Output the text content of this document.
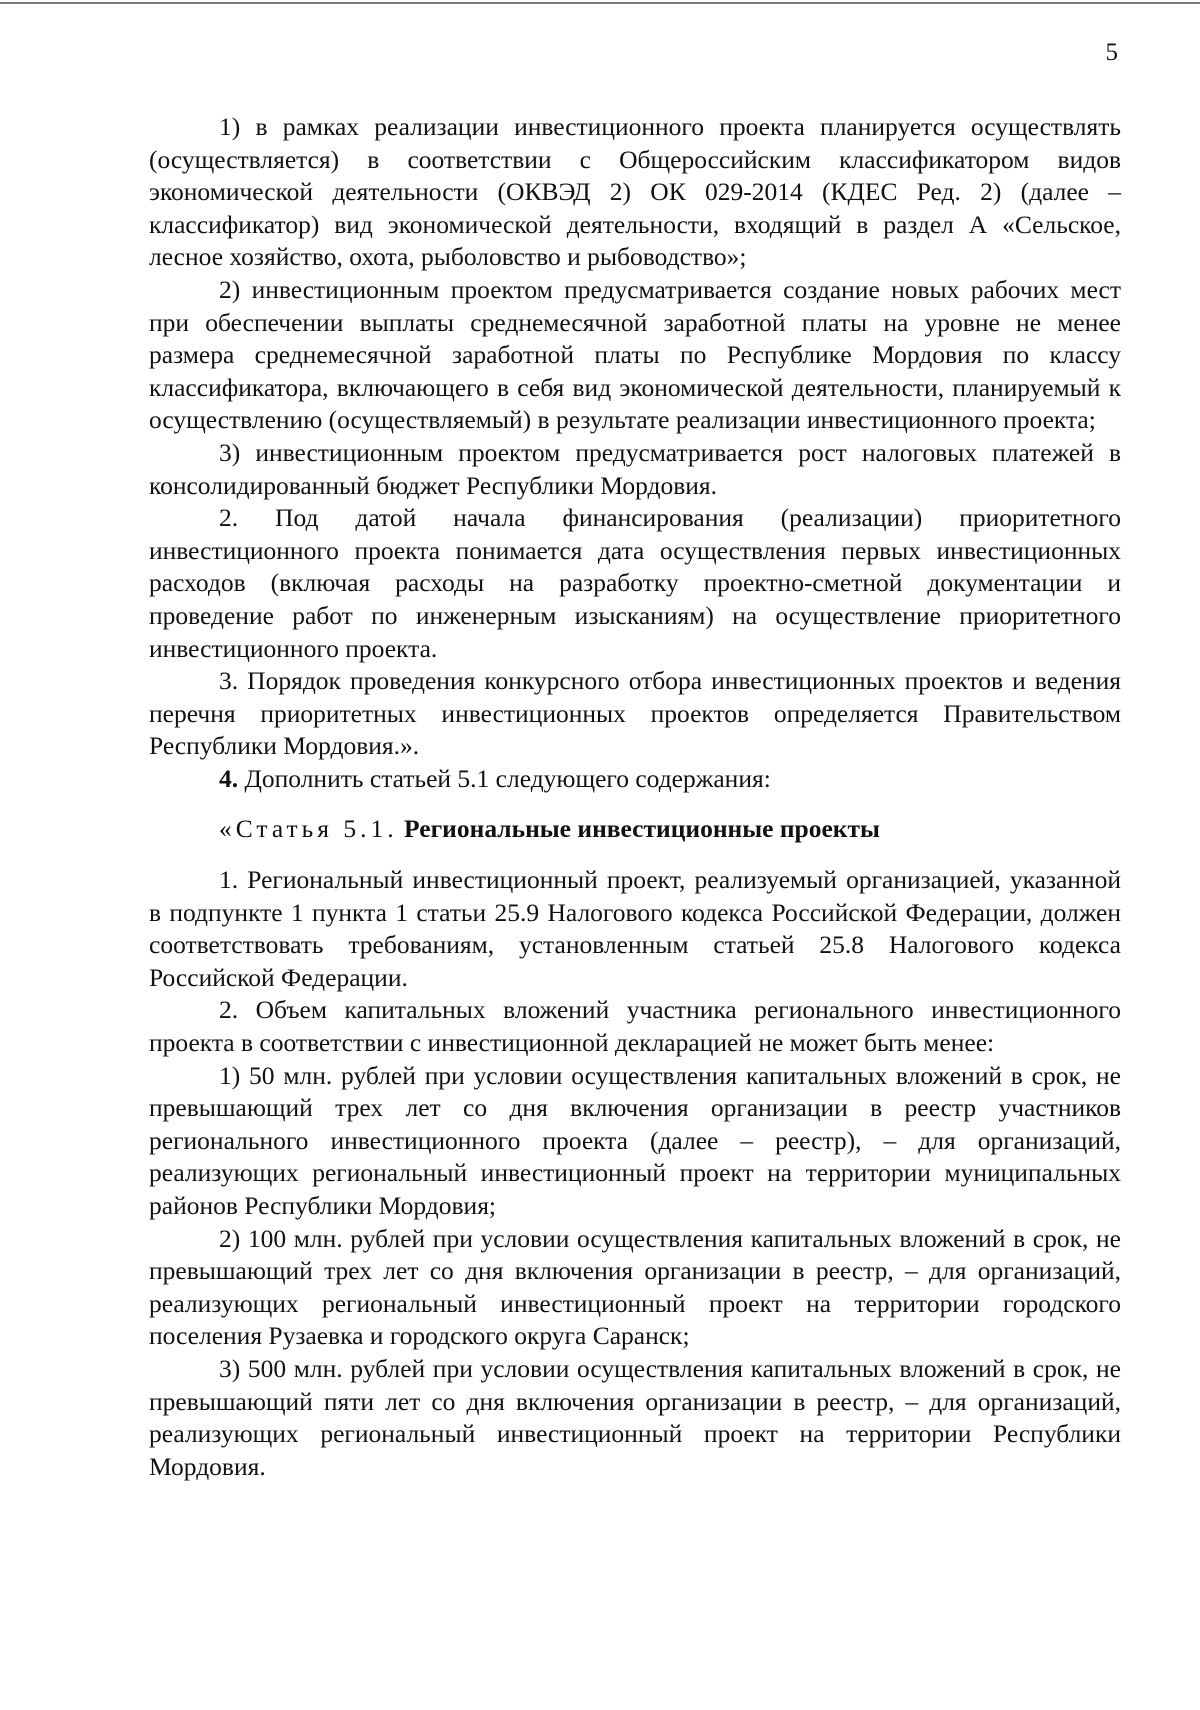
5

1) в рамках реализации инвестиционного проекта планируется осуществлять (осуществляется) в соответствии с Общероссийским классификатором видов экономической деятельности (ОКВЭД 2) ОК 029-2014 (КДЕС Ред. 2) (далее – классификатор) вид экономической деятельности, входящий в раздел А «Сельское, лесное хозяйство, охота, рыболовство и рыбоводство»;

2) инвестиционным проектом предусматривается создание новых рабочих мест при обеспечении выплаты среднемесячной заработной платы на уровне не менее размера среднемесячной заработной платы по Республике Мордовия по классу классификатора, включающего в себя вид экономической деятельности, планируемый к осуществлению (осуществляемый) в результате реализации инвестиционного проекта;

3) инвестиционным проектом предусматривается рост налоговых платежей в консолидированный бюджет Республики Мордовия.

2. Под датой начала финансирования (реализации) приоритетного инвестиционного проекта понимается дата осуществления первых инвестиционных расходов (включая расходы на разработку проектно-сметной документации и проведение работ по инженерным изысканиям) на осуществление приоритетного инвестиционного проекта.

3. Порядок проведения конкурсного отбора инвестиционных проектов и ведения перечня приоритетных инвестиционных проектов определяется Правительством Республики Мордовия.».

4. Дополнить статьей 5.1 следующего содержания:

«Статья 5.1. Региональные инвестиционные проекты

1. Региональный инвестиционный проект, реализуемый организацией, указанной в подпункте 1 пункта 1 статьи 25.9 Налогового кодекса Российской Федерации, должен соответствовать требованиям, установленным статьей 25.8 Налогового кодекса Российской Федерации.

2. Объем капитальных вложений участника регионального инвестиционного проекта в соответствии с инвестиционной декларацией не может быть менее:

1) 50 млн. рублей при условии осуществления капитальных вложений в срок, не превышающий трех лет со дня включения организации в реестр участников регионального инвестиционного проекта (далее – реестр), – для организаций, реализующих региональный инвестиционный проект на территории муниципальных районов Республики Мордовия;

2) 100 млн. рублей при условии осуществления капитальных вложений в срок, не превышающий трех лет со дня включения организации в реестр, – для организаций, реализующих региональный инвестиционный проект на территории городского поселения Рузаевка и городского округа Саранск;

3) 500 млн. рублей при условии осуществления капитальных вложений в срок, не превышающий пяти лет со дня включения организации в реестр, – для организаций, реализующих региональный инвестиционный проект на территории Республики Мордовия.
